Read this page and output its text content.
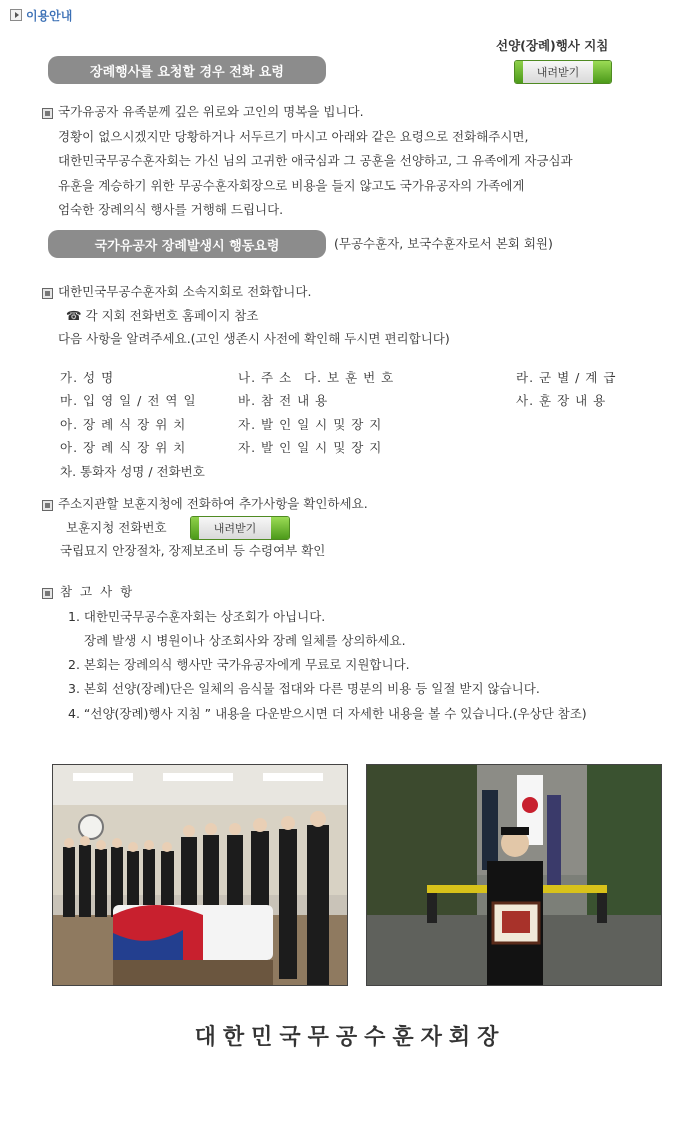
이용안내
선양(장례)행사 지침
내려받기
장례행사를 요청할 경우 전화 요령
국가유공자 유족분께 깊은 위로와 고인의 명복을 빕니다.
경황이 없으시겠지만 당황하거나 서두르기 마시고 아래와 같은 요령으로 전화해주시면,
대한민국무공수훈자회는 가신 님의 고귀한 애국심과 그 공훈을 선양하고, 그 유족에게 자긍심과
유훈을 계승하기 위한 무공수훈자회장으로 비용을 들지 않고도 국가유공자의 가족에게
엄숙한 장례의식 행사를 거행해 드립니다.
국가유공자 장례발생시 행동요령	(무공수훈자, 보국수훈자로서 본회 회원)
대한민국무공수훈자회 소속지회로 전화합니다.
☎ 각 지회 전화번호 홈페이지 참조
다음 사항을 알려주세요.(고인 생존시 사전에 확인해 두시면 편리합니다)
가. 성 명	나. 주 소 다. 보 훈 번 호	라. 군 별 / 계 급
마. 입 영 일 / 전 역 일	바. 참 전 내 용	사. 훈 장 내 용
아. 장 례 식 장 위 치	자. 발 인 일 시 및 장 지
아. 장 례 식 장 위 치	자. 발 인 일 시 및 장 지
차. 통화자 성명 / 전화번호
주소지관할 보훈지청에 전화하여 추가사항을 확인하세요.
보훈지청 전화번호	내려받기
국립묘지 안장절차, 장제보조비 등 수령여부 확인
참 고 사 항
1. 대한민국무공수훈자회는 상조회가 아닙니다.
장례 발생 시 병원이나 상조회사와 장례 일체를 상의하세요.
2. 본회는 장례의식 행사만 국가유공자에게 무료로 지원합니다.
3. 본회 선양(장례)단은 일체의 음식물 접대와 다른 명분의 비용 등 일절 받지 않습니다.
4. “선양(장례)행사 지침 ” 내용을 다운받으시면 더 자세한 내용을 볼 수 있습니다.(우상단 참조)
대한민국무공수훈자회장
